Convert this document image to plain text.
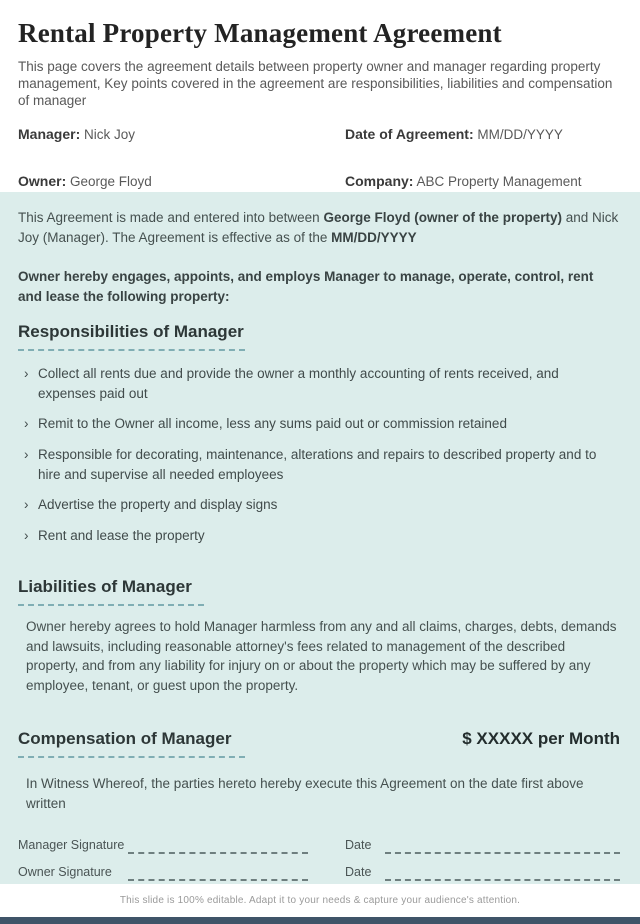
Rental Property Management Agreement

This page covers the agreement details between property owner and manager regarding property management, Key points covered in the agreement are responsibilities, liabilities and compensation of manager

Manager: Nick Joy	Date of Agreement: MM/DD/YYYY
Owner: George Floyd	Company: ABC Property Management

This Agreement is made and entered into between George Floyd (owner of the property) and Nick Joy (Manager). The Agreement is effective as of the MM/DD/YYYY

Owner hereby engages, appoints, and employs Manager to manage, operate, control, rent and lease the following property:

Responsibilities of Manager
› Collect all rents due and provide the owner a monthly accounting of rents received, and expenses paid out
› Remit to the Owner all income, less any sums paid out or commission retained
› Responsible for decorating, maintenance, alterations and repairs to described property and to hire and supervise all needed employees
› Advertise the property and display signs
› Rent and lease the property
Liabilities of Manager

Owner hereby agrees to hold Manager harmless from any and all claims, charges, debts, demands and lawsuits, including reasonable attorney's fees related to management of the described property, and from any liability for injury on or about the property which may be suffered by any employee, tenant, or guest upon the property.

Compensation of Manager	$ XXXXX per Month

In Witness Whereof, the parties hereto hereby execute this Agreement on the date first above written

Manager Signature	Date
Owner Signature	Date
This slide is 100% editable. Adapt it to your needs & capture your audience's attention.
